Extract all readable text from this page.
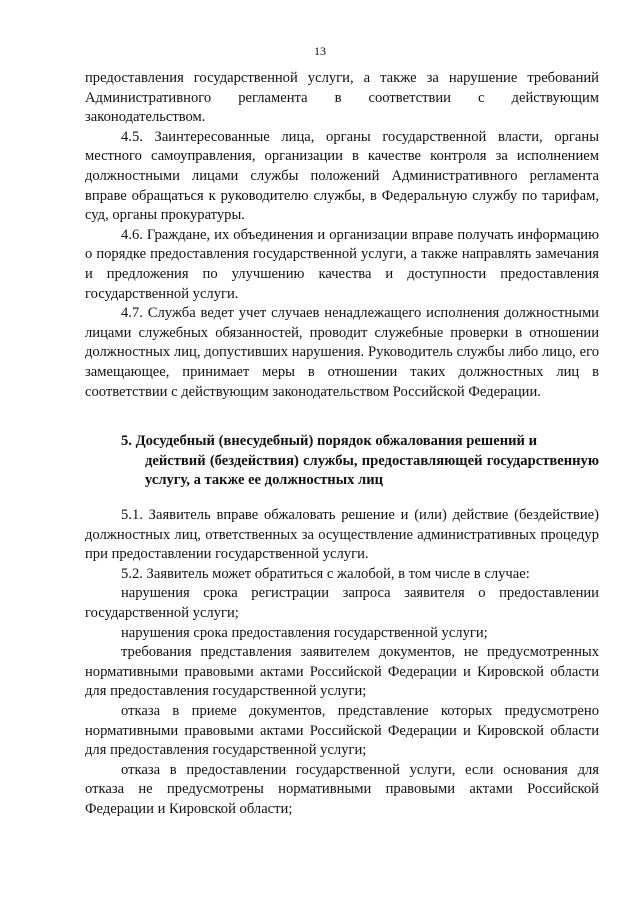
13

предоставления государственной услуги, а также за нарушение требований Административного регламента в соответствии с действующим законодательством.

4.5. Заинтересованные лица, органы государственной власти, органы местного самоуправления, организации в качестве контроля за исполнением должностными лицами службы положений Административного регламента вправе обращаться к руководителю службы, в Федеральную службу по тарифам, суд, органы прокуратуры.

4.6. Граждане, их объединения и организации вправе получать информацию о порядке предоставления государственной услуги, а также направлять замечания и предложения по улучшению качества и доступности предоставления государственной услуги.

4.7. Служба ведет учет случаев ненадлежащего исполнения должностными лицами служебных обязанностей, проводит служебные проверки в отношении должностных лиц, допустивших нарушения. Руководитель службы либо лицо, его замещающее, принимает меры в отношении таких должностных лиц в соответствии с действующим законодательством Российской Федерации.

5. Досудебный (внесудебный) порядок обжалования решений и

действий (бездействия) службы, предоставляющей государственную услугу, а также ее должностных лиц

5.1. Заявитель вправе обжаловать решение и (или) действие (бездействие) должностных лиц, ответственных за осуществление административных процедур при предоставлении государственной услуги.

5.2. Заявитель может обратиться с жалобой, в том числе в случае:

нарушения срока регистрации запроса заявителя о предоставлении государственной услуги;

нарушения срока предоставления государственной услуги;

требования представления заявителем документов, не предусмотренных нормативными правовыми актами Российской Федерации и Кировской области для предоставления государственной услуги;

отказа в приеме документов, представление которых предусмотрено нормативными правовыми актами Российской Федерации и Кировской области для предоставления государственной услуги;

отказа в предоставлении государственной услуги, если основания для отказа не предусмотрены нормативными правовыми актами Российской Федерации и Кировской области;
